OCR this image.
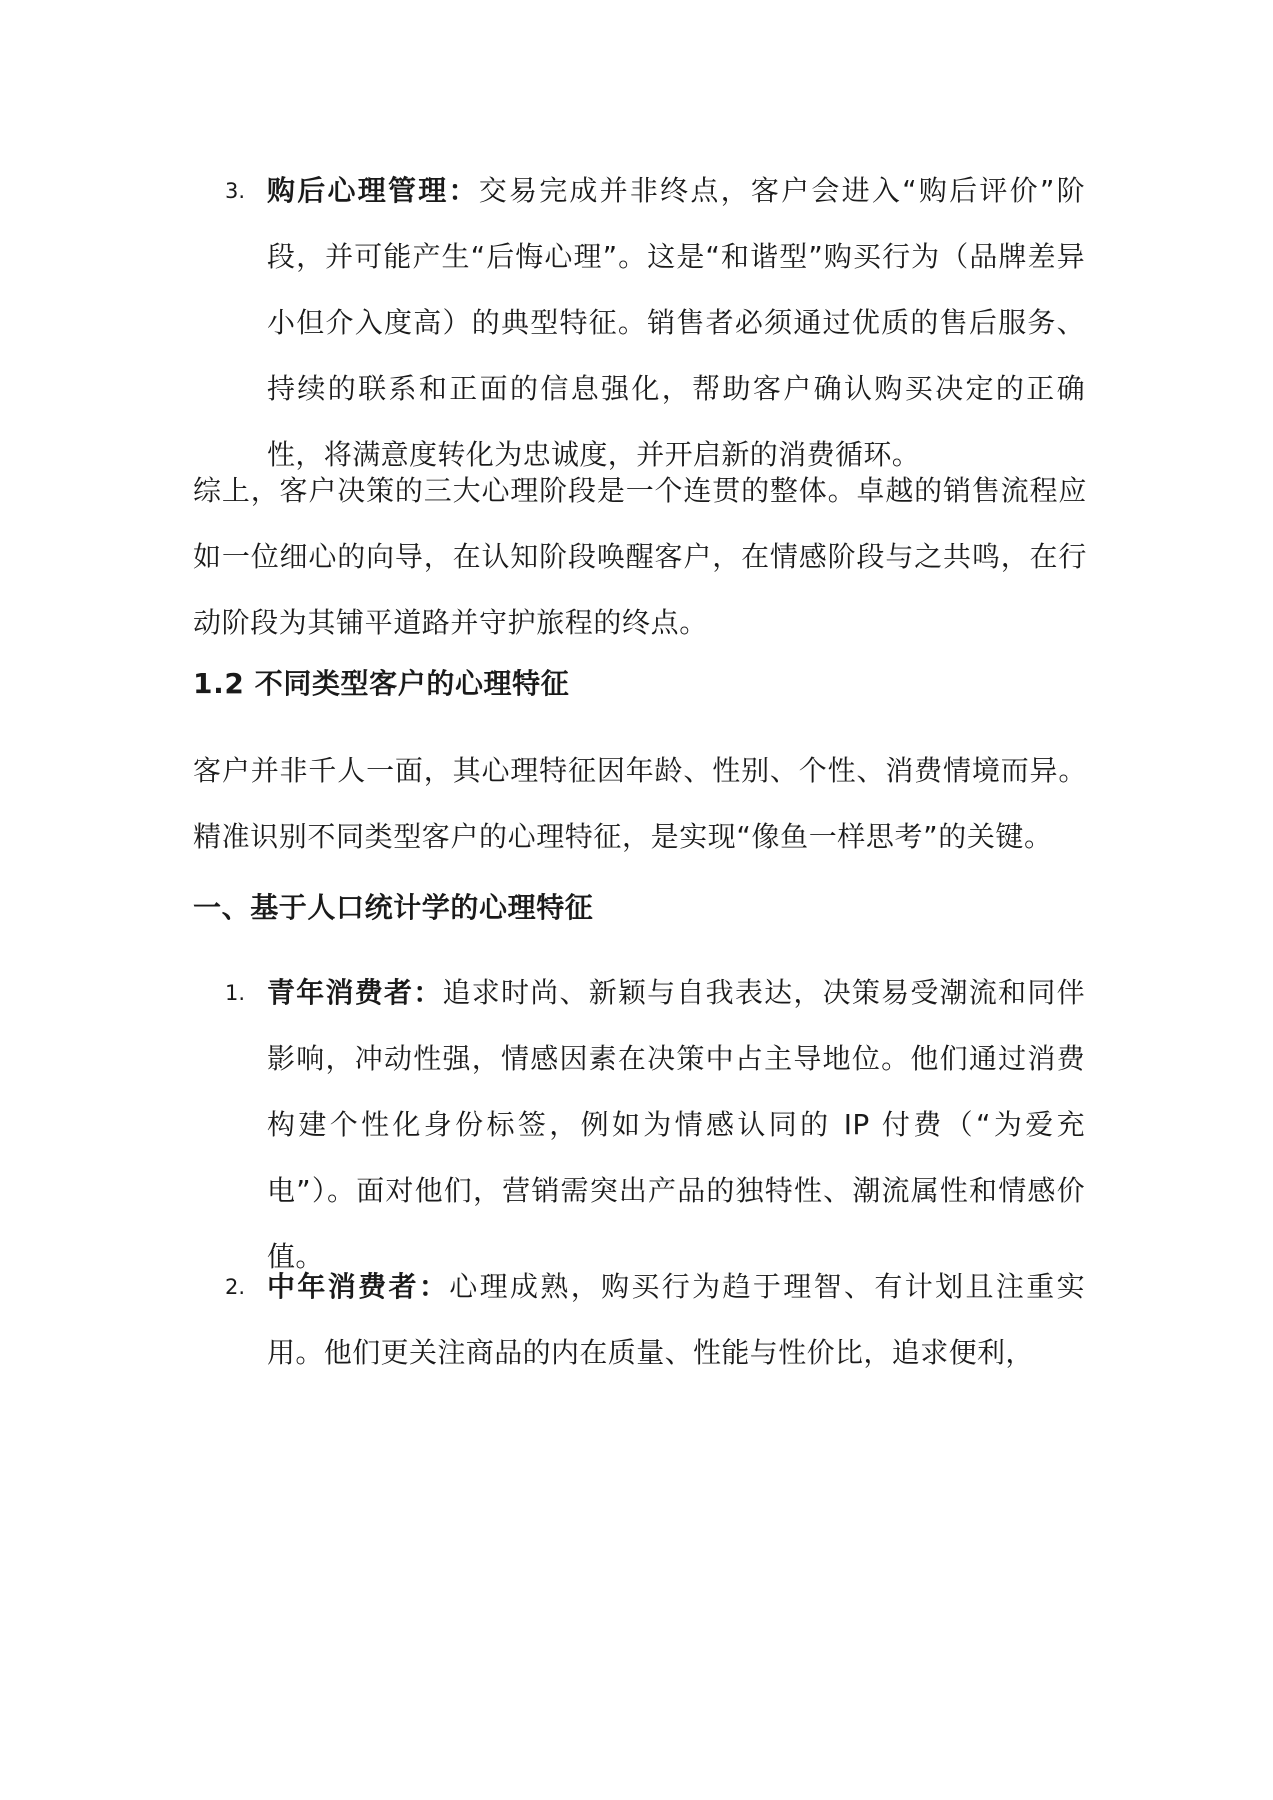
3. 购后心理管理：交易完成并非终点，客户会进入“购后评价”阶段，并可能产生“后悔心理”。这是“和谐型”购买行为（品牌差异小但介入度高）的典型特征。销售者必须通过优质的售后服务、持续的联系和正面的信息强化，帮助客户确认购买决定的正确性，将满意度转化为忠诚度，并开启新的消费循环。
综上，客户决策的三大心理阶段是一个连贯的整体。卓越的销售流程应如一位细心的向导，在认知阶段唤醒客户，在情感阶段与之共鸣，在行动阶段为其铺平道路并守护旅程的终点。
1.2 不同类型客户的心理特征
客户并非千人一面，其心理特征因年龄、性别、个性、消费情境而异。精准识别不同类型客户的心理特征，是实现“像鱼一样思考”的关键。
一、基于人口统计学的心理特征
1. 青年消费者：追求时尚、新颖与自我表达，决策易受潮流和同伴影响，冲动性强，情感因素在决策中占主导地位。他们通过消费构建个性化身份标签，例如为情感认同的 IP 付费（“为爱充电”）。面对他们，营销需突出产品的独特性、潮流属性和情感价值。
2. 中年消费者：心理成熟，购买行为趋于理智、有计划且注重实用。他们更关注商品的内在质量、性能与性价比，追求便利，
